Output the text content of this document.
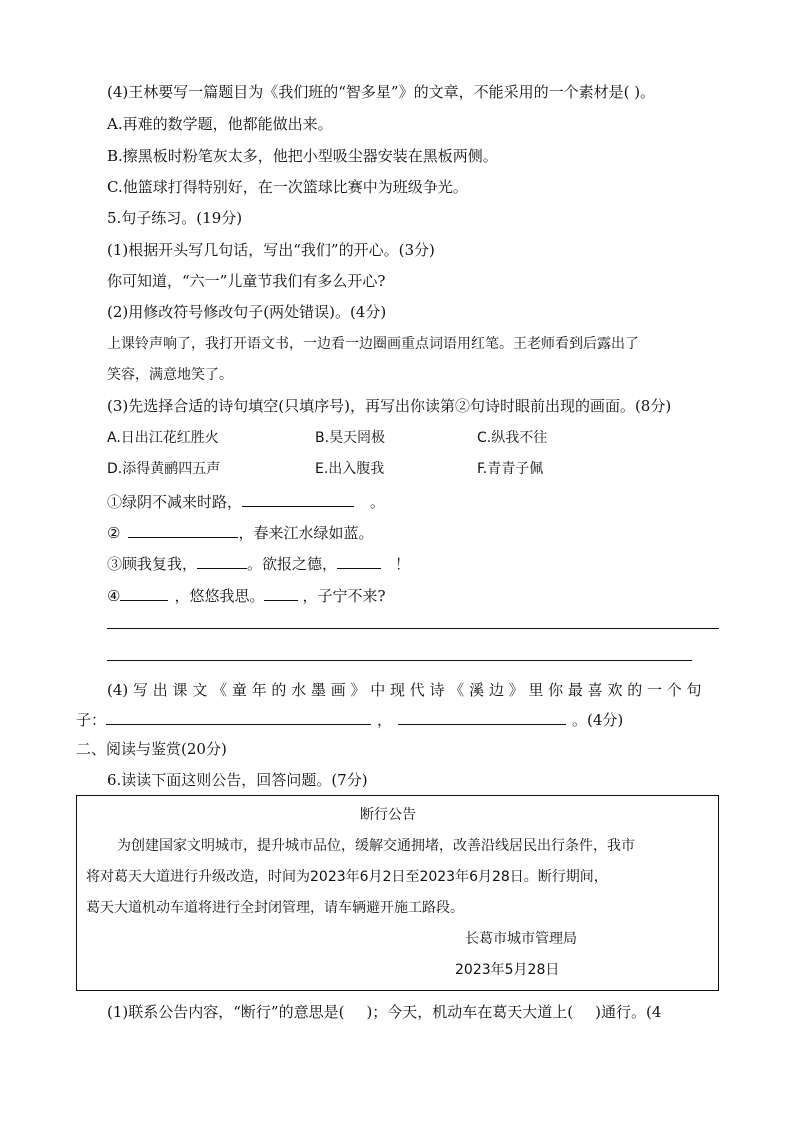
(4)王林要写一篇题目为《我们班的“智多星”》的文章，不能采用的一个素材是( )。
A.再难的数学题，他都能做出来。
B.擦黑板时粉笔灰太多，他把小型吸尘器安装在黑板两侧。
C.他篮球打得特别好，在一次篮球比赛中为班级争光。
5.句子练习。(19分)
(1)根据开头写几句话，写出“我们”的开心。(3分)
你可知道，“六一”儿童节我们有多么开心?
(2)用修改符号修改句子(两处错误)。(4分)
上课铃声响了，我打开语文书，一边看一边圈画重点词语用红笔。王老师看到后露出了
笑容，满意地笑了。
(3)先选择合适的诗句填空(只填序号)，再写出你读第②句诗时眼前出现的画面。(8分)
A.日出江花红胜火	B.昊天罔极	C.纵我不往
D.添得黄鹂四五声	E.出入腹我	F.青青子佩
①绿阴不减来时路，	。
②	，春来江水绿如蓝。
③顾我复我，	。欲报之德，	！
④	，悠悠我思。	，子宁不来?
(4) 写 出 课 文 《 童 年 的 水 墨 画 》 中 现 代 诗 《 溪 边 》 里 你 最 喜 欢 的 一 个 句
子：	，	。(4分)
二、阅读与鉴赏(20分)
6.读读下面这则公告，回答问题。(7分)
断行公告
为创建国家文明城市，提升城市品位，缓解交通拥堵，改善沿线居民出行条件，我市
将对葛天大道进行升级改造，时间为2023年6月2日至2023年6月28日。断行期间，
葛天大道机动车道将进行全封闭管理，请车辆避开施工路段。
长葛市城市管理局
2023年5月28日
(1)联系公告内容，“断行”的意思是( )；今天，机动车在葛天大道上( )通行。(4
